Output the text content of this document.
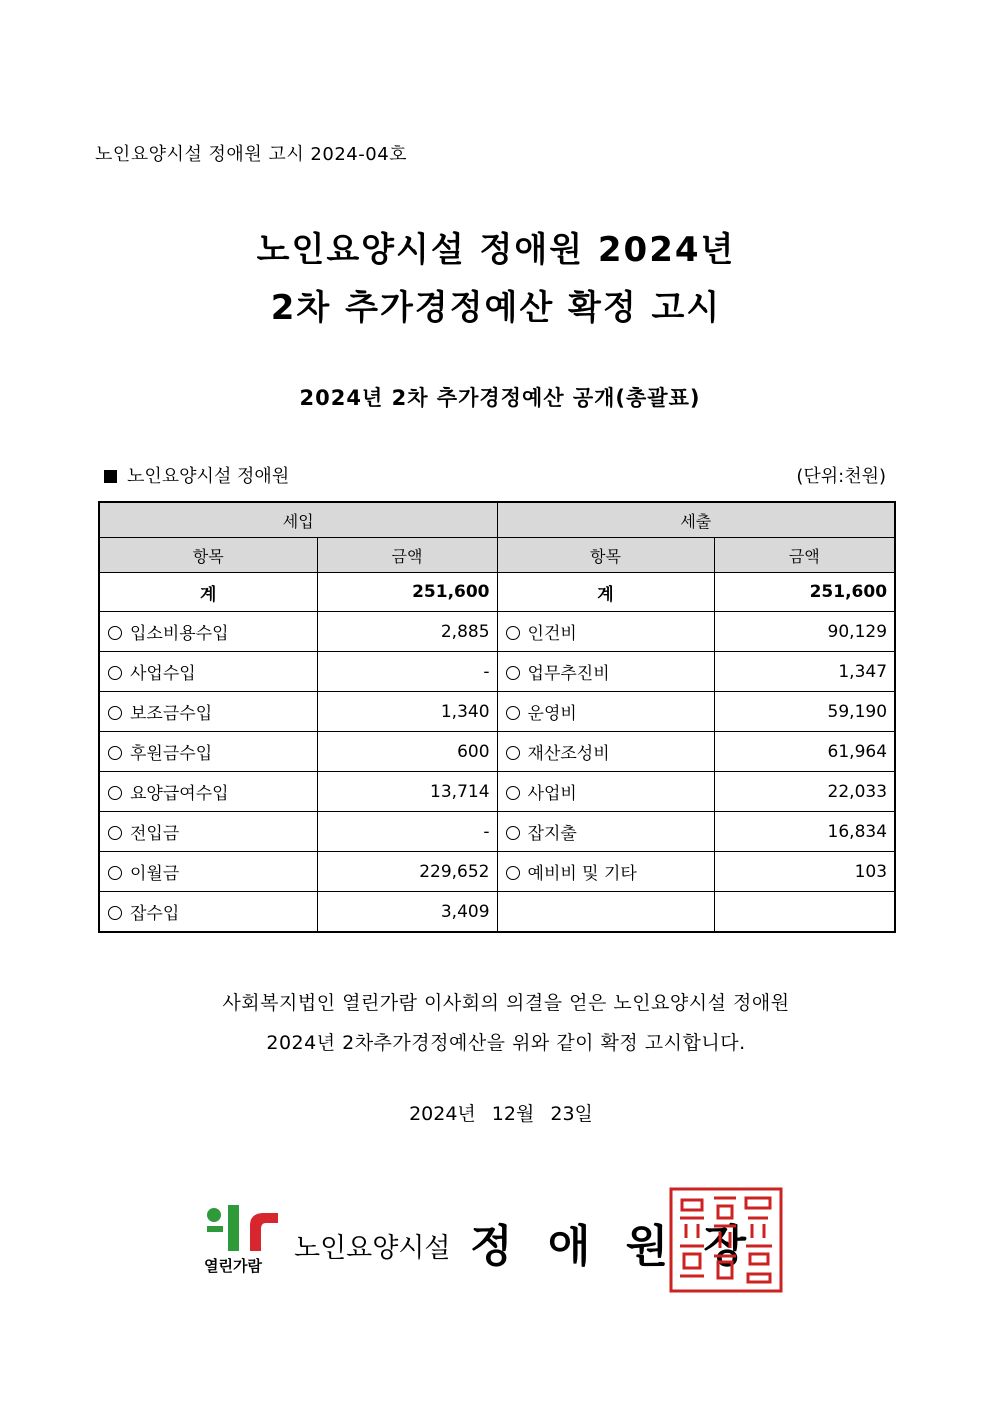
노인요양시설 정애원 고시 2024-04호
노인요양시설 정애원 2024년
2차 추가경정예산 확정 고시
2024년 2차 추가경정예산 공개(총괄표)
노인요양시설 정애원	(단위:천원)
세입		세출	
항목	금액	항목	금액
계	251,600	계	251,600
입소비용수입	2,885	인건비	90,129
사업수입	-	업무추진비	1,347
보조금수입	1,340	운영비	59,190
후원금수입	600	재산조성비	61,964
요양급여수입	13,714	사업비	22,033
전입금	-	잡지출	16,834
이월금	229,652	예비비 및 기타	103
잡수입	3,409		
사회복지법인 열린가람 이사회의 의결을 얻은 노인요양시설 정애원
2024년 2차추가경정예산을 위와 같이 확정 고시합니다.
2024년 12월 23일
열린가람
노인요양시설 정 애 원 장
